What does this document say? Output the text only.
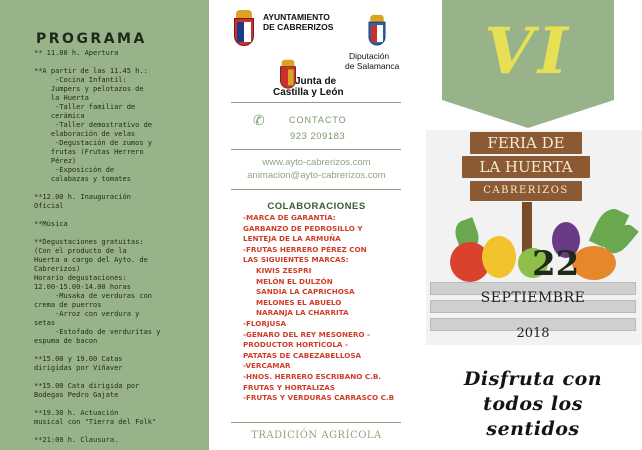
PROGRAMA
** 11.00 h. Apertura
**A partir de las 11.45 h.:
-Cocina Infantil:
Jumpers y pelotazos de
la Huerta
-Taller familiar de
cerámica
-Taller demostrativo de
elaboración de velas
-Degustación de zumos y
frutas (Frutas Herrero
Pérez)
-Exposición de
calabazas y tomates
**12.00 h. Inauguración
Oficial
**Música
**Degustaciones gratuitas:
(Con el producto de la
Huerta a cargo del Ayto. de
Cabrerizos)
Horario degustaciones:
12.00-15.00-14.00 horas
-Musaka de verduras con
crema de puerros
-Arroz con verdura y
setas
-Estofado de verduritas y
espuma de bacon
**15.00 y 19.00 Catas
dirigidas por Viñaver
**15.00 Cata dirigida por
Bodegas Pedro Gajate
**19.30 h. Actuación
musical con "Tierra del Folk"
**21:00 h. Clausura.
AYUNTAMIENTO
DE CABRERIZOS
Diputación
de Salamanca
Junta de
Castilla y León
✆	CONTACTO
923 209183
www.ayto-cabrerizos.com
animacion@ayto-cabrerizos.com
COLABORACIONES
-MARCA DE GARANTÍA:
GARBANZO DE PEDROSILLO Y
LENTEJA DE LA ARMUÑA
-FRUTAS HERRERO PÉREZ CON
LAS SIGUIENTES MARCAS:
KIWIS ZESPRI
MELÓN EL DULZÓN
SANDÍA LA CAPRICHOSA
MELONES EL ABUELO
NARANJA LA CHARRITA
-FLORJUSA
-GENARO DEL REY MESONERO -
PRODUCTOR HORTÍCOLA -
PATATAS DE CABEZABELLOSA
-VERCAMAR
-HNOS. HERRERO ESCRIBANO C.B.
FRUTAS Y HORTALIZAS
-FRUTAS Y VERDURAS CARRASCO C.B
TRADICIÓN AGRÍCOLA
VI
FERIA DE
LA HUERTA
CABRERIZOS
22
SEPTIEMBRE
2018
Disfruta con
todos los
sentidos
